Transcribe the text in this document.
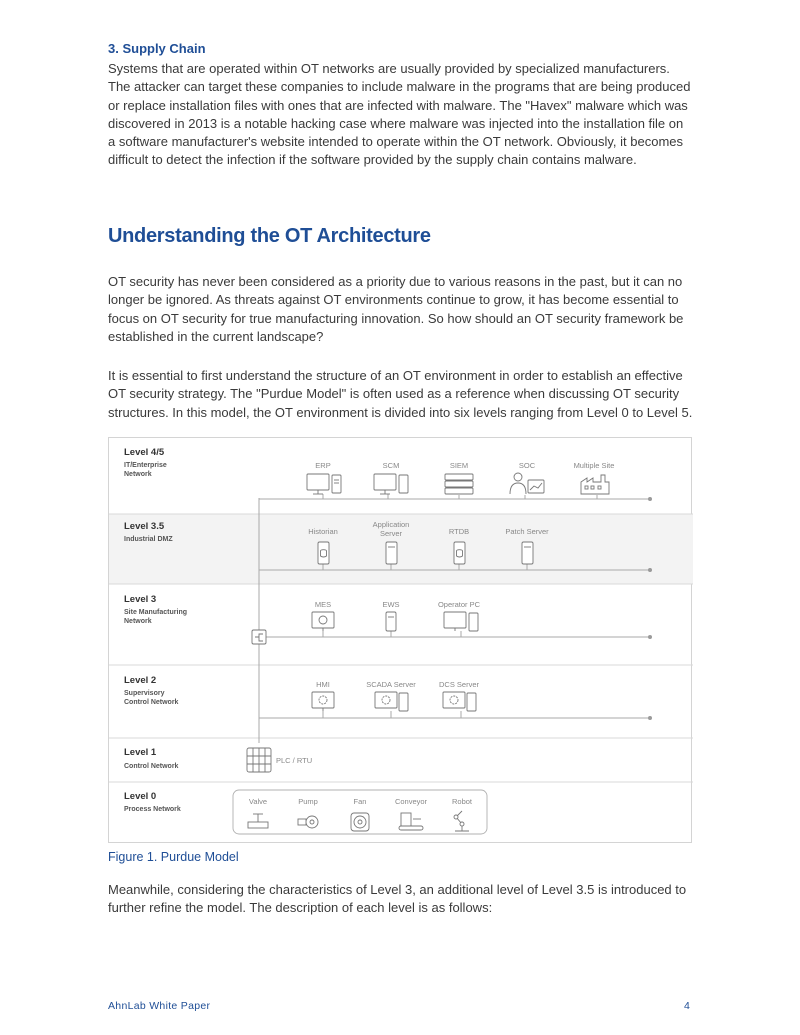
3. Supply Chain

Systems that are operated within OT networks are usually provided by specialized manufacturers. The attacker can target these companies to include malware in the programs that are being produced or replace installation files with ones that are infected with malware. The "Havex" malware which was discovered in 2013 is a notable hacking case where malware was injected into the installation file on a software manufacturer's website intended to operate within the OT network. Obviously, it becomes difficult to detect the infection if the software provided by the supply chain contains malware.

Understanding the OT Architecture

OT security has never been considered as a priority due to various reasons in the past, but it can no longer be ignored. As threats against OT environments continue to grow, it has become essential to focus on OT security for true manufacturing innovation. So how should an OT security framework be established in the current landscape?

It is essential to first understand the structure of an OT environment in order to establish an effective OT security strategy. The "Purdue Model" is often used as a reference when discussing OT security structures. In this model, the OT environment is divided into six levels ranging from Level 0 to Level 5.

Level 4/5
IT/Enterprise
Network
Level 3.5
Industrial DMZ
Level 3
Site Manufacturing
Network
Level 2
Supervisory
Control Network
Level 1
Control Network
Level 0
Process Network
ERP	SCM	SIEM	SOC	Multiple Site
Historian
Application
Server	RTDB	Patch Server
MES	EWS	Operator PC
HMI	SCADA Server	DCS Server
PLC / RTU
Valve	Pump	Fan	Conveyor	Robot
Figure 1. Purdue Model

Meanwhile, considering the characteristics of Level 3, an additional level of Level 3.5 is introduced to further refine the model. The description of each level is as follows:

AhnLab White Paper	4
